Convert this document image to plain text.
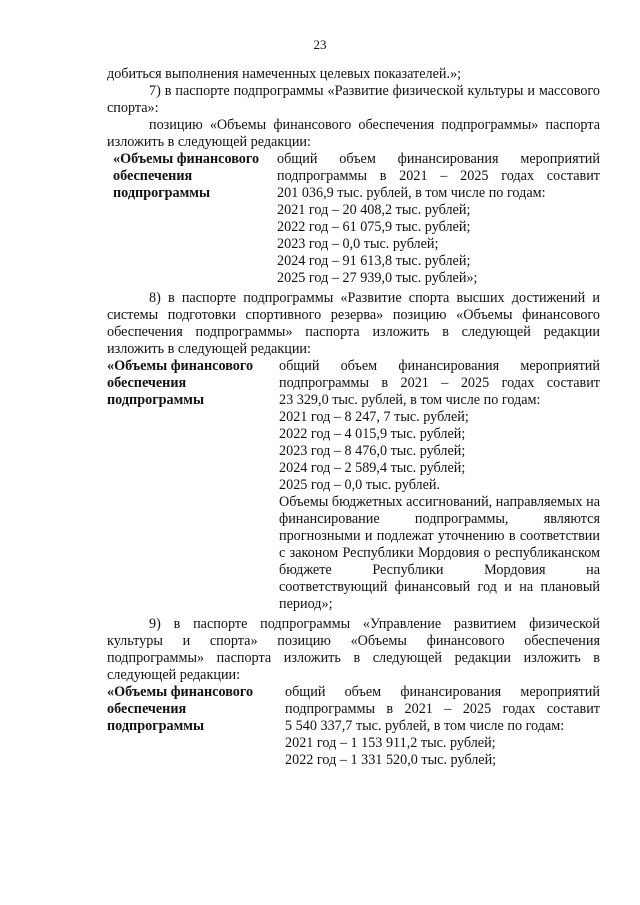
23

добиться выполнения намеченных целевых показателей.»;

7) в паспорте подпрограммы «Развитие физической культуры и массового спорта»:

позицию «Объемы финансового обеспечения подпрограммы» паспорта изложить в следующей редакции:

«Объемы финансового
обеспечения
подпрограммы
общий объем финансирования мероприятий
подпрограммы в 2021 – 2025 годах составит
201 036,9 тыс. рублей, в том числе по годам:
2021 год – 20 408,2 тыс. рублей;
2022 год – 61 075,9 тыс. рублей;
2023 год – 0,0 тыс. рублей;
2024 год – 91 613,8 тыс. рублей;
2025 год – 27 939,0 тыс. рублей»;

8) в паспорте подпрограммы «Развитие спорта высших достижений и системы подготовки спортивного резерва» позицию «Объемы финансового обеспечения подпрограммы» паспорта изложить в следующей редакции изложить в следующей редакции:

«Объемы финансового
обеспечения
подпрограммы
общий объем финансирования мероприятий
подпрограммы в 2021 – 2025 годах составит
23 329,0 тыс. рублей, в том числе по годам:
2021 год – 8 247, 7 тыс. рублей;
2022 год – 4 015,9 тыс. рублей;
2023 год – 8 476,0 тыс. рублей;
2024 год – 2 589,4 тыс. рублей;
2025 год – 0,0 тыс. рублей.

Объемы бюджетных ассигнований, направляемых на финансирование подпрограммы, являются прогнозными и подлежат уточнению в соответствии с законом Республики Мордовия о республиканском бюджете Республики Мордовия на соответствующий финансовый год и на плановый период»;

9) в паспорте подпрограммы «Управление развитием физической культуры и спорта» позицию «Объемы финансового обеспечения подпрограммы» паспорта изложить в следующей редакции изложить в следующей редакции:

«Объемы финансового
обеспечения
подпрограммы
общий объем финансирования мероприятий
подпрограммы в 2021 – 2025 годах составит

5 540 337,7 тыс. рублей, в том числе по годам:

2021 год – 1 153 911,2 тыс. рублей;
2022 год – 1 331 520,0 тыс. рублей;
